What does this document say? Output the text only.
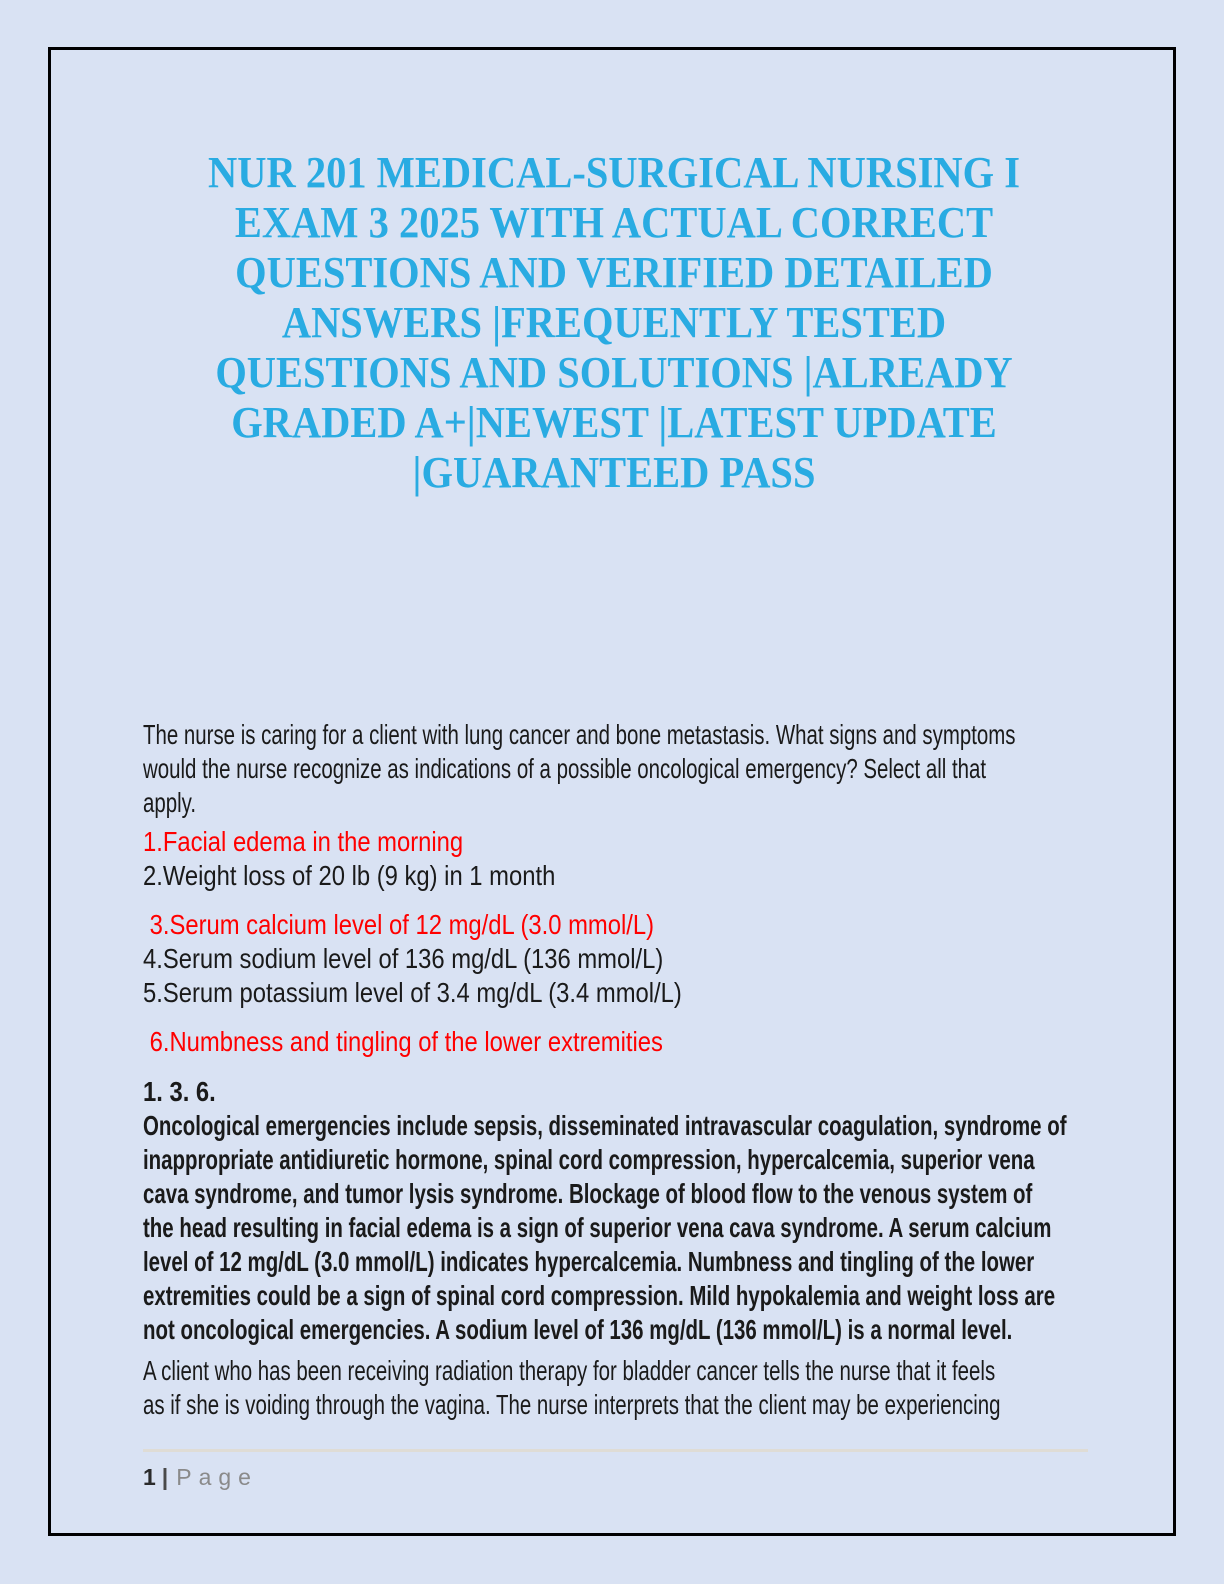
NUR 201 MEDICAL-SURGICAL NURSING I
EXAM 3 2025 WITH ACTUAL CORRECT
QUESTIONS AND VERIFIED DETAILED
ANSWERS |FREQUENTLY TESTED
QUESTIONS AND SOLUTIONS |ALREADY
GRADED A+|NEWEST |LATEST UPDATE
|GUARANTEED PASS
The nurse is caring for a client with lung cancer and bone metastasis. What signs and symptoms
would the nurse recognize as indications of a possible oncological emergency? Select all that
apply.
1.Facial edema in the morning
2.Weight loss of 20 lb (9 kg) in 1 month
3.Serum calcium level of 12 mg/dL (3.0 mmol/L)
4.Serum sodium level of 136 mg/dL (136 mmol/L)
5.Serum potassium level of 3.4 mg/dL (3.4 mmol/L)
6.Numbness and tingling of the lower extremities
1. 3. 6.
Oncological emergencies include sepsis, disseminated intravascular coagulation, syndrome of
inappropriate antidiuretic hormone, spinal cord compression, hypercalcemia, superior vena
cava syndrome, and tumor lysis syndrome. Blockage of blood flow to the venous system of
the head resulting in facial edema is a sign of superior vena cava syndrome. A serum calcium
level of 12 mg/dL (3.0 mmol/L) indicates hypercalcemia. Numbness and tingling of the lower
extremities could be a sign of spinal cord compression. Mild hypokalemia and weight loss are
not oncological emergencies. A sodium level of 136 mg/dL (136 mmol/L) is a normal level.
A client who has been receiving radiation therapy for bladder cancer tells the nurse that it feels
as if she is voiding through the vagina. The nurse interprets that the client may be experiencing
1 | Page
